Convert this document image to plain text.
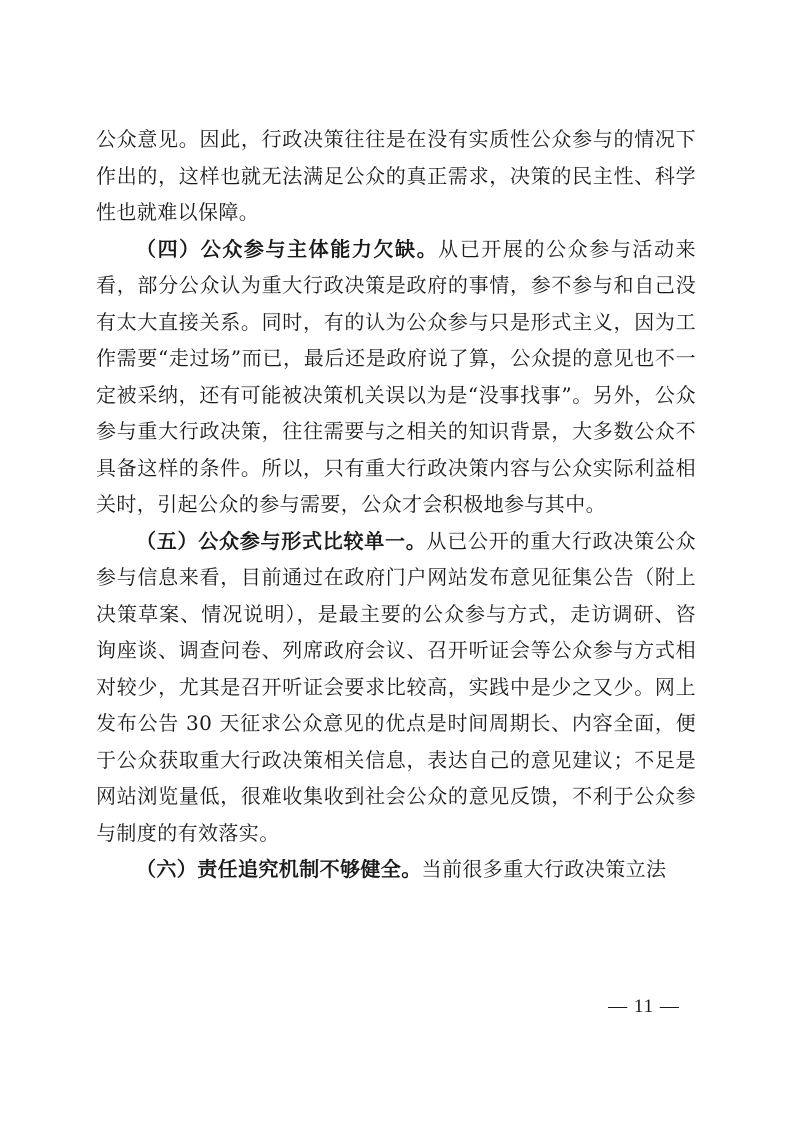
公众意见。因此，行政决策往往是在没有实质性公众参与的情况下作出的，这样也就无法满足公众的真正需求，决策的民主性、科学性也就难以保障。

（四）公众参与主体能力欠缺。从已开展的公众参与活动来看，部分公众认为重大行政决策是政府的事情，参不参与和自己没有太大直接关系。同时，有的认为公众参与只是形式主义，因为工作需要“走过场”而已，最后还是政府说了算，公众提的意见也不一定被采纳，还有可能被决策机关误以为是“没事找事”。另外，公众参与重大行政决策，往往需要与之相关的知识背景，大多数公众不具备这样的条件。所以，只有重大行政决策内容与公众实际利益相关时，引起公众的参与需要，公众才会积极地参与其中。

（五）公众参与形式比较单一。从已公开的重大行政决策公众参与信息来看，目前通过在政府门户网站发布意见征集公告（附上决策草案、情况说明），是最主要的公众参与方式，走访调研、咨询座谈、调查问卷、列席政府会议、召开听证会等公众参与方式相对较少，尤其是召开听证会要求比较高，实践中是少之又少。网上发布公告 30 天征求公众意见的优点是时间周期长、内容全面，便于公众获取重大行政决策相关信息，表达自己的意见建议；不足是网站浏览量低，很难收集收到社会公众的意见反馈，不利于公众参与制度的有效落实。

（六）责任追究机制不够健全。当前很多重大行政决策立法

— 11 —
